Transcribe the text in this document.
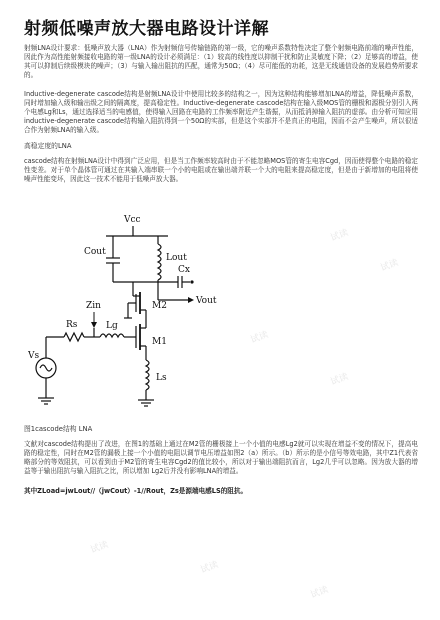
射频低噪声放大器电路设计详解

射频LNA设计要求：低噪声放大器（LNA）作为射频信号传输链路的第一级，它的噪声系数特性决定了整个射频电路前端的噪声性能，因此作为高性能射频接收电路的第一级LNA的设计必须满足：（1）较高的线性度以抑制干扰和防止灵敏度下降；（2）足够高的增益，使其可以抑制后续级模块的噪声；（3）与输入输出阻抗的匹配，通常为50Ω；（4）尽可能低的功耗，这是无线通信设备的发展趋势所要求的。

Inductive-degenerate cascode结构是射频LNA设计中使用比较多的结构之一，因为这种结构能够增加LNA的增益，降低噪声系数，同时增加输入级和输出级之间的隔离度，提高稳定性。Inductive-degenerate cascode结构在输入级MOS管的栅极和源极分别引入两个电感Lg和Ls，通过选择适当的电感值，使得输入回路在电路的工作频率附近产生谐振，从而抵消掉输入阻抗的虚部。由分析可知应用inductive-degenerate cascode结构输入阻抗得到一个50Ω的实部，但是这个实部并不是真正的电阻，因而不会产生噪声，所以很适合作为射频LNA的输入级。

高稳定度的LNA

cascode结构在射频LNA设计中得到广泛应用，但是当工作频率较高时由于不能忽略MOS管的寄生电容Cgd，因而使得整个电路的稳定性变差。对于单个晶体管可通过在其输入端串联一个小的电阻或在输出端并联一个大的电阻来提高稳定度，但是由于新增加的电阻将使噪声性能变坏，因此这一技术不能用于低噪声放大器。

Vcc
Cout
Lout
Cx
Vout
M2
M1
Zin
Rs	Lg
Ls
Vs

图1cascode结构 LNA

文献对cascode结构提出了改进，在图1的基础上通过在M2管的栅极接上一个小值的电感Lg2就可以实现在增益不变的情况下，提高电路的稳定性，同时在M2管的漏极上接一个小值的电阻以调节电压增益如图2（a）所示。（b）所示的是小信号等效电路，其中Z1代表省略部分的等效阻抗，可以看到由于M2管的寄生电容Cgd2的值比较小，所以对于输出端阻抗而言，Lg2几乎可以忽略。因为放大器的增益等于输出阻抗与输入阻抗之比，所以增加 Lg2后并没有影响LNA的增益。

其中ZLoad=jwLout//（jwCout）-1//Rout，Zs是源端电感LS的阻抗。

试读
试读
试读
试读
试读
试读
试读
